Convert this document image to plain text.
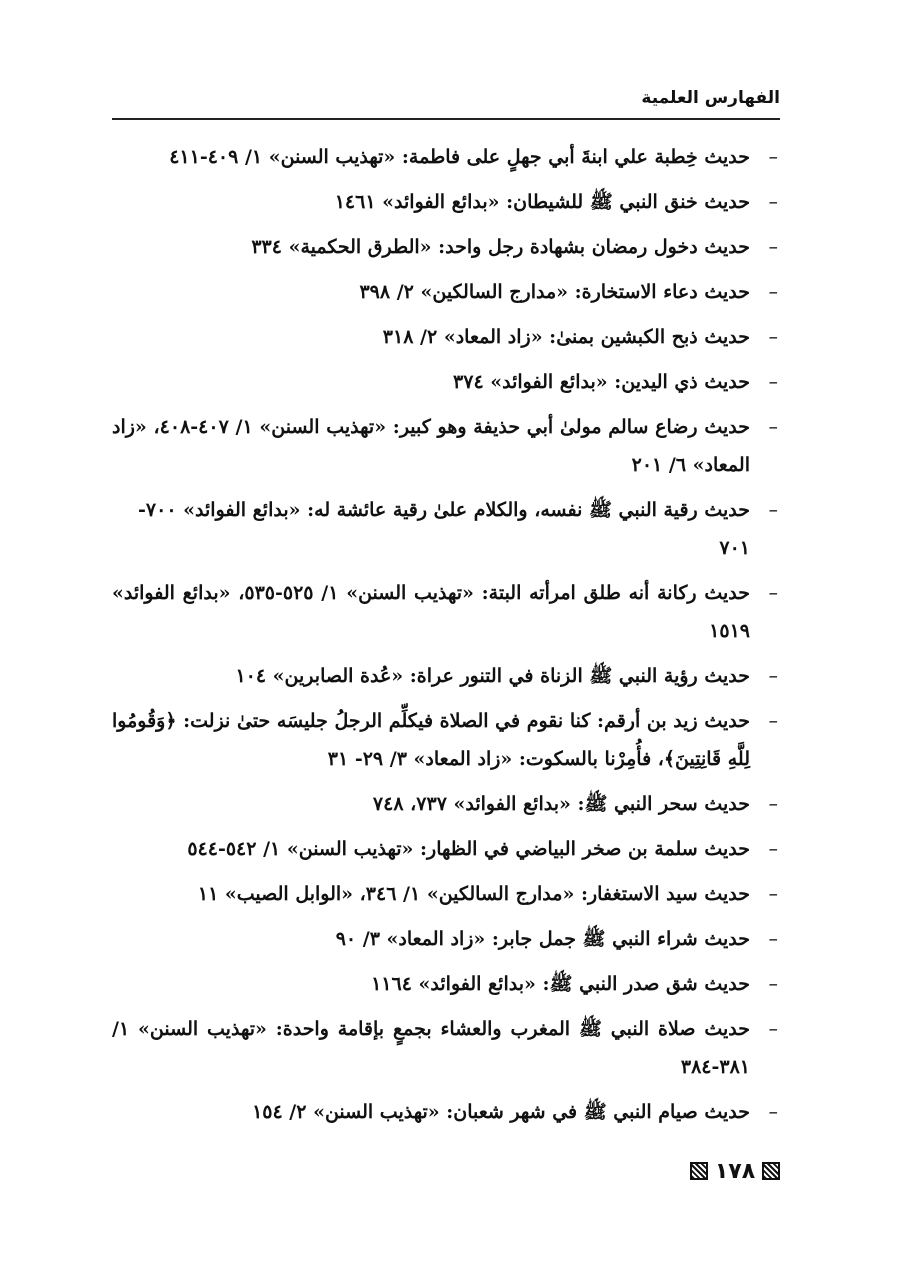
الفهارس العلمية
–
حديث خِطبة علي ابنةَ أبي جهلٍ على فاطمة: «تهذيب السنن» ١/ ٤٠٩-٤١١
–
حديث خنق النبي ﷺ للشيطان: «بدائع الفوائد» ١٤٦١
–
حديث دخول رمضان بشهادة رجل واحد: «الطرق الحكمية» ٣٣٤
–
حديث دعاء الاستخارة: «مدارج السالكين» ٢/ ٣٩٨
–
حديث ذبح الكبشين بمنىٰ: «زاد المعاد» ٢/ ٣١٨
–
حديث ذي اليدين: «بدائع الفوائد» ٣٧٤
–
حديث رضاع سالم مولىٰ أبي حذيفة وهو كبير: «تهذيب السنن» ١/ ٤٠٧-٤٠٨، «زاد المعاد» ٦/ ٢٠١
–
حديث رقية النبي ﷺ نفسه، والكلام علىٰ رقية عائشة له: «بدائع الفوائد» ٧٠٠- ٧٠١
–
حديث ركانة أنه طلق امرأته البتة: «تهذيب السنن» ١/ ٥٢٥-٥٣٥، «بدائع الفوائد» ١٥١٩
–
حديث رؤية النبي ﷺ الزناة في التنور عراة: «عُدة الصابرين» ١٠٤
–
حديث زيد بن أرقم: كنا نقوم في الصلاة فيكلِّم الرجلُ جليسَه حتىٰ نزلت: ﴿وَقُومُوا لِلَّهِ قَانِتِينَ﴾، فأُمِرْنا بالسكوت: «زاد المعاد» ٣/ ٢٩- ٣١
–
حديث سحر النبي ﷺ: «بدائع الفوائد» ٧٣٧، ٧٤٨
–
حديث سلمة بن صخر البياضي في الظهار: «تهذيب السنن» ١/ ٥٤٢-٥٤٤
–
حديث سيد الاستغفار: «مدارج السالكين» ١/ ٣٤٦، «الوابل الصيب» ١١
–
حديث شراء النبي ﷺ جمل جابر: «زاد المعاد» ٣/ ٩٠
–
حديث شق صدر النبي ﷺ: «بدائع الفوائد» ١١٦٤
–
حديث صلاة النبي ﷺ المغرب والعشاء بجمعٍ بإقامة واحدة: «تهذيب السنن» ١/ ٣٨١-٣٨٤
–
حديث صيام النبي ﷺ في شهر شعبان: «تهذيب السنن» ٢/ ١٥٤
١٧٨
